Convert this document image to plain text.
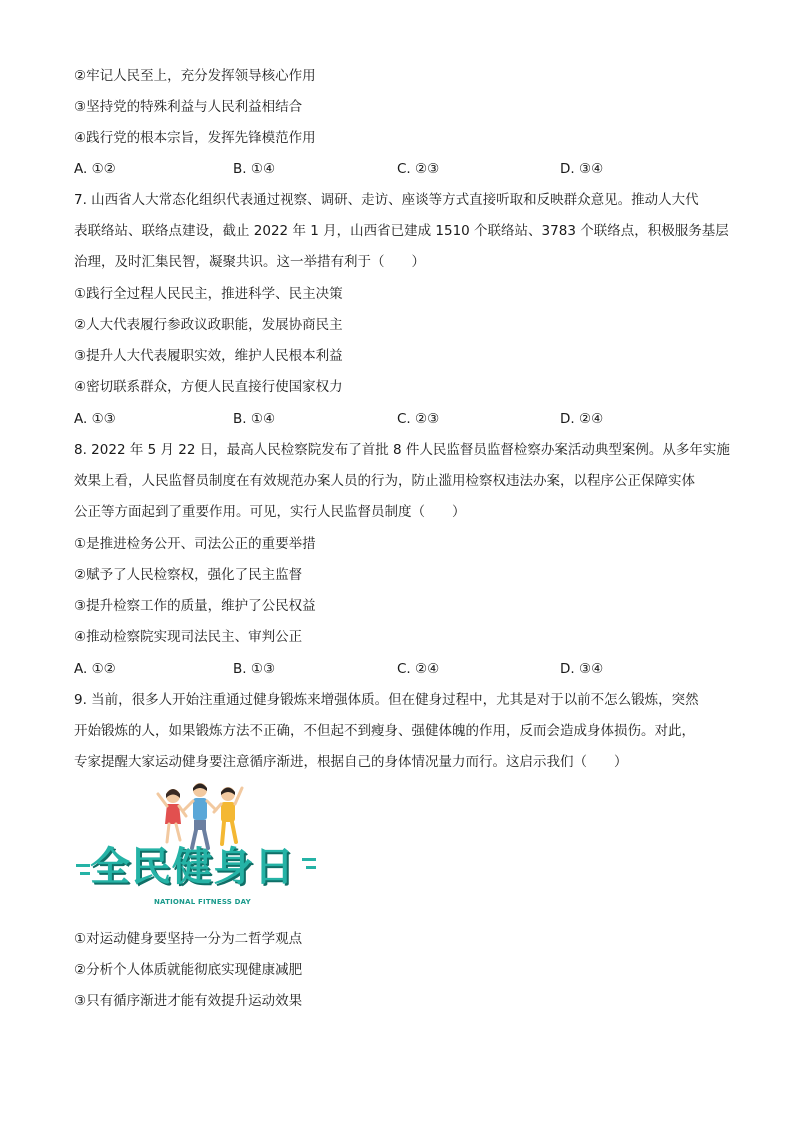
②牢记人民至上，充分发挥领导核心作用
③坚持党的特殊利益与人民利益相结合
④践行党的根本宗旨，发挥先锋模范作用
A. ①②	B. ①④	C. ②③	D. ③④
7. 山西省人大常态化组织代表通过视察、调研、走访、座谈等方式直接听取和反映群众意见。推动人大代
表联络站、联络点建设，截止 2022 年 1 月，山西省已建成 1510 个联络站、3783 个联络点，积极服务基层
治理，及时汇集民智，凝聚共识。这一举措有利于（　　）
①践行全过程人民民主，推进科学、民主决策
②人大代表履行参政议政职能，发展协商民主
③提升人大代表履职实效，维护人民根本利益
④密切联系群众，方便人民直接行使国家权力
A. ①③	B. ①④	C. ②③	D. ②④
8. 2022 年 5 月 22 日，最高人民检察院发布了首批 8 件人民监督员监督检察办案活动典型案例。从多年实施
效果上看，人民监督员制度在有效规范办案人员的行为，防止滥用检察权违法办案，以程序公正保障实体
公正等方面起到了重要作用。可见，实行人民监督员制度（　　）
①是推进检务公开、司法公正的重要举措
②赋予了人民检察权，强化了民主监督
③提升检察工作的质量，维护了公民权益
④推动检察院实现司法民主、审判公正
A. ①②	B. ①③	C. ②④	D. ③④
9. 当前，很多人开始注重通过健身锻炼来增强体质。但在健身过程中，尤其是对于以前不怎么锻炼，突然
开始锻炼的人，如果锻炼方法不正确，不但起不到瘦身、强健体魄的作用，反而会造成身体损伤。对此，
专家提醒大家运动健身要注意循序渐进，根据自己的身体情况量力而行。这启示我们（　　）
全民健身日
NATIONAL FITNESS DAY
①对运动健身要坚持一分为二哲学观点
②分析个人体质就能彻底实现健康减肥
③只有循序渐进才能有效提升运动效果
